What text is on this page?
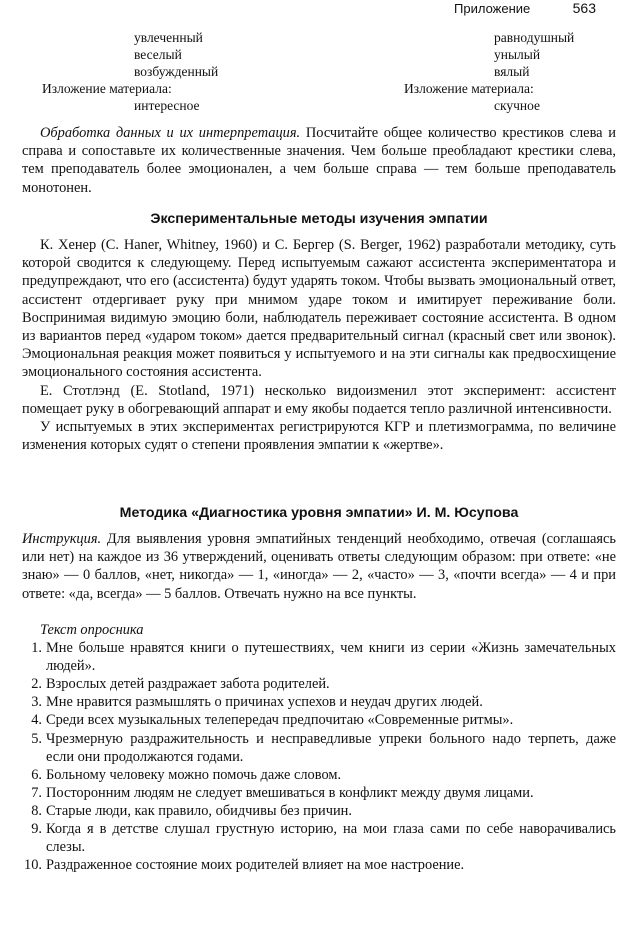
Приложение	563
увлеченный
веселый
возбужденный
Изложение материала:
интересное
равнодушный
унылый
вялый
Изложение материала:
скучное

Обработка данных и их интерпретация. Посчитайте общее количество крестиков слева и справа и сопоставьте их количественные значения. Чем больше преобладают крестики слева, тем преподаватель более эмоционален, а чем больше справа — тем больше преподаватель монотонен.

Экспериментальные методы изучения эмпатии

К. Хенер (С. Haner, Whitney, 1960) и С. Бергер (S. Berger, 1962) разработали методику, суть которой сводится к следующему. Перед испытуемым сажают ассистента экспериментатора и предупреждают, что его (ассистента) будут ударять током. Чтобы вызвать эмоциональный ответ, ассистент отдергивает руку при мнимом ударе током и имитирует переживание боли. Воспринимая видимую эмоцию боли, наблюдатель переживает состояние ассистента. В одном из вариантов перед «ударом током» дается предварительный сигнал (красный свет или звонок). Эмоциональная реакция может появиться у испытуемого и на эти сигналы как предвосхищение эмоционального состояния ассистента.

Е. Стотлэнд (Е. Stotland, 1971) несколько видоизменил этот эксперимент: ассистент помещает руку в обогревающий аппарат и ему якобы подается тепло различной интенсивности.

У испытуемых в этих экспериментах регистрируются КГР и плетизмограмма, по величине изменения которых судят о степени проявления эмпатии к «жертве».

Методика «Диагностика уровня эмпатии» И. М. Юсупова

Инструкция. Для выявления уровня эмпатийных тенденций необходимо, отвечая (соглашаясь или нет) на каждое из 36 утверждений, оценивать ответы следующим образом: при ответе: «не знаю» — 0 баллов, «нет, никогда» — 1, «иногда» — 2, «часто» — 3, «почти всегда» — 4 и при ответе: «да, всегда» — 5 баллов. Отвечать нужно на все пункты.

Текст опросника
1. Мне больше нравятся книги о путешествиях, чем книги из серии «Жизнь замечательных людей».
2. Взрослых детей раздражает забота родителей.
3. Мне нравится размышлять о причинах успехов и неудач других людей.
4. Среди всех музыкальных телепередач предпочитаю «Современные ритмы».
5. Чрезмерную раздражительность и несправедливые упреки больного надо терпеть, даже если они продолжаются годами.
6. Больному человеку можно помочь даже словом.
7. Посторонним людям не следует вмешиваться в конфликт между двумя лицами.
8. Старые люди, как правило, обидчивы без причин.
9. Когда я в детстве слушал грустную историю, на мои глаза сами по себе наворачивались слезы.
10. Раздраженное состояние моих родителей влияет на мое настроение.
